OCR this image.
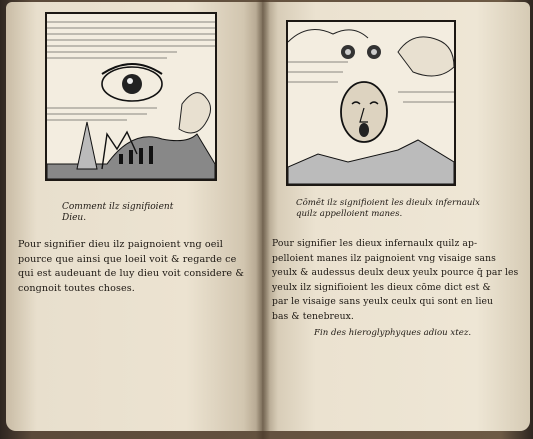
Comment ilz signifioient
Dieu.
Pour signifier dieu ilz paignoient vng oeil
pource que ainsi que loeil voit & regarde ce
qui est audeuant de luy dieu voit considere &
congnoit toutes choses.
Cōmēt ilz signifioient les dieulx infernaulx
quilz appelloient manes.
Pour signifier les dieux infernaulx quilz ap-
pelloient manes ilz paignoient vng visaige sans
yeulx & audessus deulx deux yeulx pource q̃ par les
yeulx ilz signifioient les dieux cōme dict est &
par le visaige sans yeulx ceulx qui sont en lieu
bas & tenebreux.
Fin des hieroglyphyques adiou xtez.
